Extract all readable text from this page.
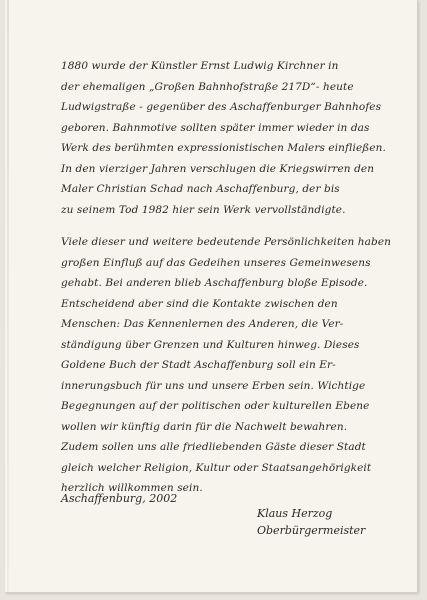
1880 wurde der Künstler Ernst Ludwig Kirchner in
der ehemaligen „Großen Bahnhofstraße 217D“- heute
Ludwigstraße - gegenüber des Aschaffenburger Bahnhofes
geboren. Bahnmotive sollten später immer wieder in das
Werk des berühmten expressionistischen Malers einfließen.
In den vierziger Jahren verschlugen die Kriegswirren den
Maler Christian Schad nach Aschaffenburg, der bis
zu seinem Tod 1982 hier sein Werk vervollständigte.
Viele dieser und weitere bedeutende Persönlichkeiten haben
großen Einfluß auf das Gedeihen unseres Gemeinwesens
gehabt. Bei anderen blieb Aschaffenburg bloße Episode.
Entscheidend aber sind die Kontakte zwischen den
Menschen: Das Kennenlernen des Anderen, die Ver-
ständigung über Grenzen und Kulturen hinweg. Dieses
Goldene Buch der Stadt Aschaffenburg soll ein Er-
innerungsbuch für uns und unsere Erben sein. Wichtige
Begegnungen auf der politischen oder kulturellen Ebene
wollen wir künftig darin für die Nachwelt bewahren.
Zudem sollen uns alle friedliebenden Gäste dieser Stadt
gleich welcher Religion, Kultur oder Staatsangehörigkeit
herzlich willkommen sein.
Aschaffenburg, 2002
Klaus Herzog
Oberbürgermeister
